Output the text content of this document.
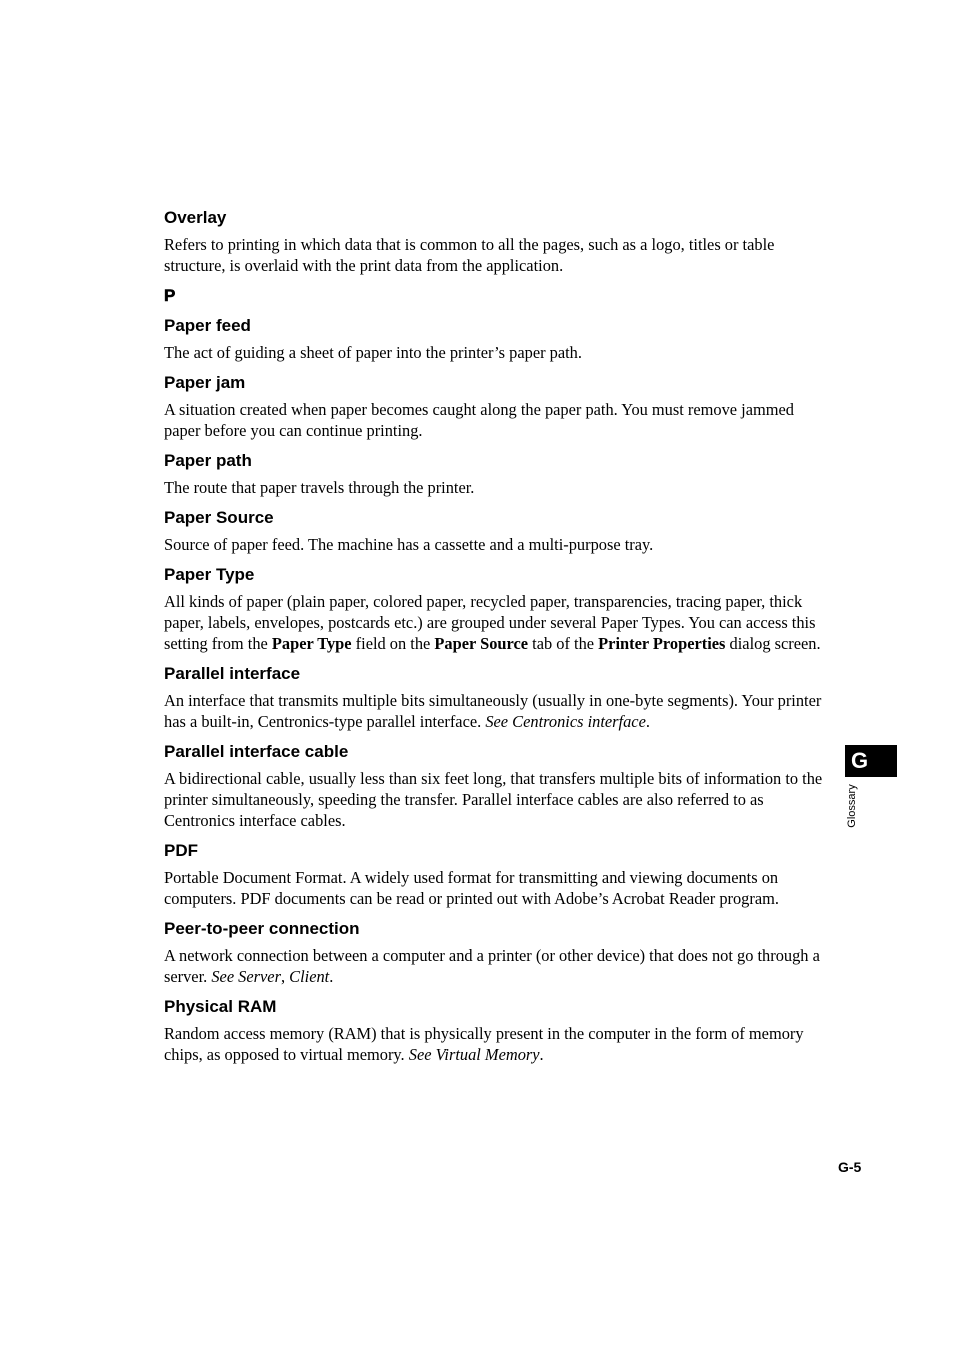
Overlay
Refers to printing in which data that is common to all the pages, such as a logo, titles or table structure, is overlaid with the print data from the application.
P
Paper feed
The act of guiding a sheet of paper into the printer’s paper path.
Paper jam
A situation created when paper becomes caught along the paper path. You must remove jammed paper before you can continue printing.
Paper path
The route that paper travels through the printer.
Paper Source
Source of paper feed. The machine has a cassette and a multi-purpose tray.
Paper Type
All kinds of paper (plain paper, colored paper, recycled paper, transparencies, tracing paper, thick paper, labels, envelopes, postcards etc.) are grouped under several Paper Types. You can access this setting from the Paper Type field on the Paper Source tab of the Printer Properties dialog screen.
Parallel interface
An interface that transmits multiple bits simultaneously (usually in one-byte segments). Your printer has a built-in, Centronics-type parallel interface. See Centronics interface.
Parallel interface cable
A bidirectional cable, usually less than six feet long, that transfers multiple bits of information to the printer simultaneously, speeding the transfer. Parallel interface cables are also referred to as Centronics interface cables.
PDF
Portable Document Format. A widely used format for transmitting and viewing documents on computers. PDF documents can be read or printed out with Adobe’s Acrobat Reader program.
Peer-to-peer connection
A network connection between a computer and a printer (or other device) that does not go through a server. See Server, Client.
Physical RAM
Random access memory (RAM) that is physically present in the computer in the form of memory chips, as opposed to virtual memory. See Virtual Memory.
G
Glossary
G-5
